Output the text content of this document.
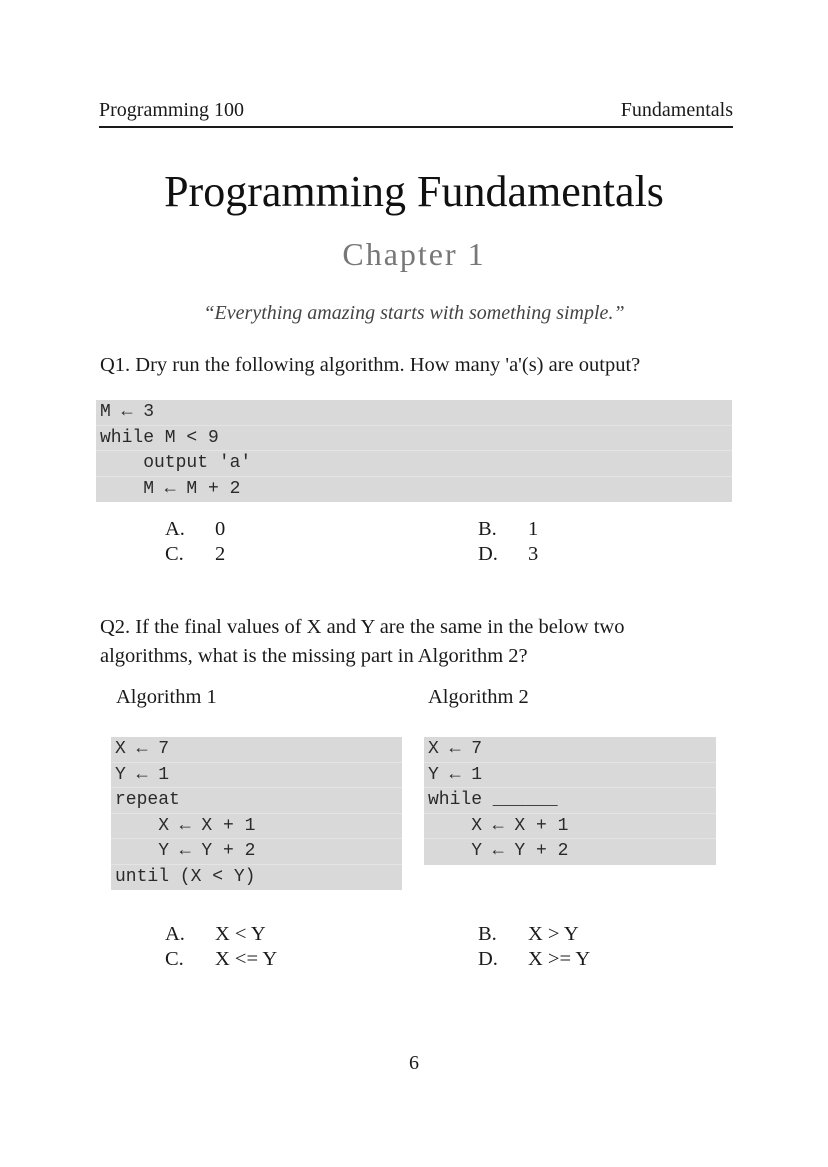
Programming 100	Fundamentals
Programming Fundamentals
Chapter 1
“Everything amazing starts with something simple.”
Q1. Dry run the following algorithm. How many 'a'(s) are output?
M ← 3
while M < 9
output 'a'
M ← M + 2
A. 0	B. 1
C. 2	D. 3
Q2. If the final values of X and Y are the same in the below two
algorithms, what is the missing part in Algorithm 2?
Algorithm 1	Algorithm 2
X ← 7
Y ← 1
repeat
X ← X + 1
Y ← Y + 2
until (X < Y)
X ← 7
Y ← 1
while ______
X ← X + 1
Y ← Y + 2
A. X < Y	B. X > Y
C. X <= Y	D. X >= Y
6
